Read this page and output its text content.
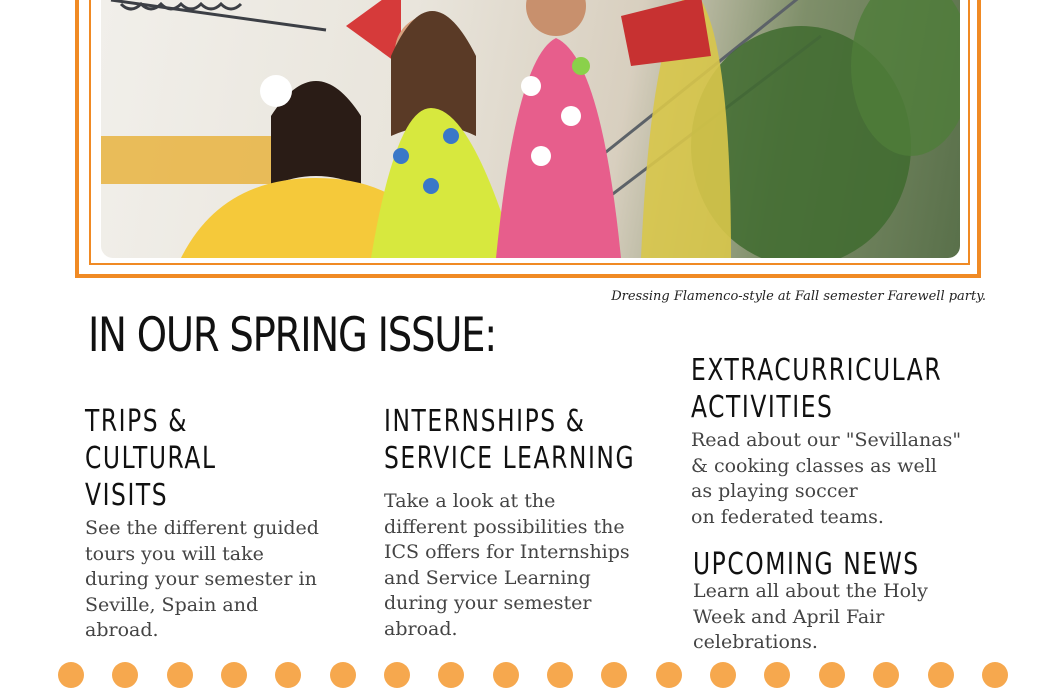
Dressing Flamenco-style at Fall semester Farewell party.
IN OUR SPRING ISSUE:
TRIPS &
CULTURAL
VISITS

See the different guided
tours you will take
during your semester in
Seville, Spain and
abroad.

INTERNSHIPS &
SERVICE LEARNING

Take a look at the
different possibilities the
ICS offers for Internships
and Service Learning
during your semester
abroad.

EXTRACURRICULAR
ACTIVITIES

Read about our "Sevillanas"
& cooking classes as well
as playing soccer
on federated teams.

UPCOMING NEWS

Learn all about the Holy
Week and April Fair
celebrations.
